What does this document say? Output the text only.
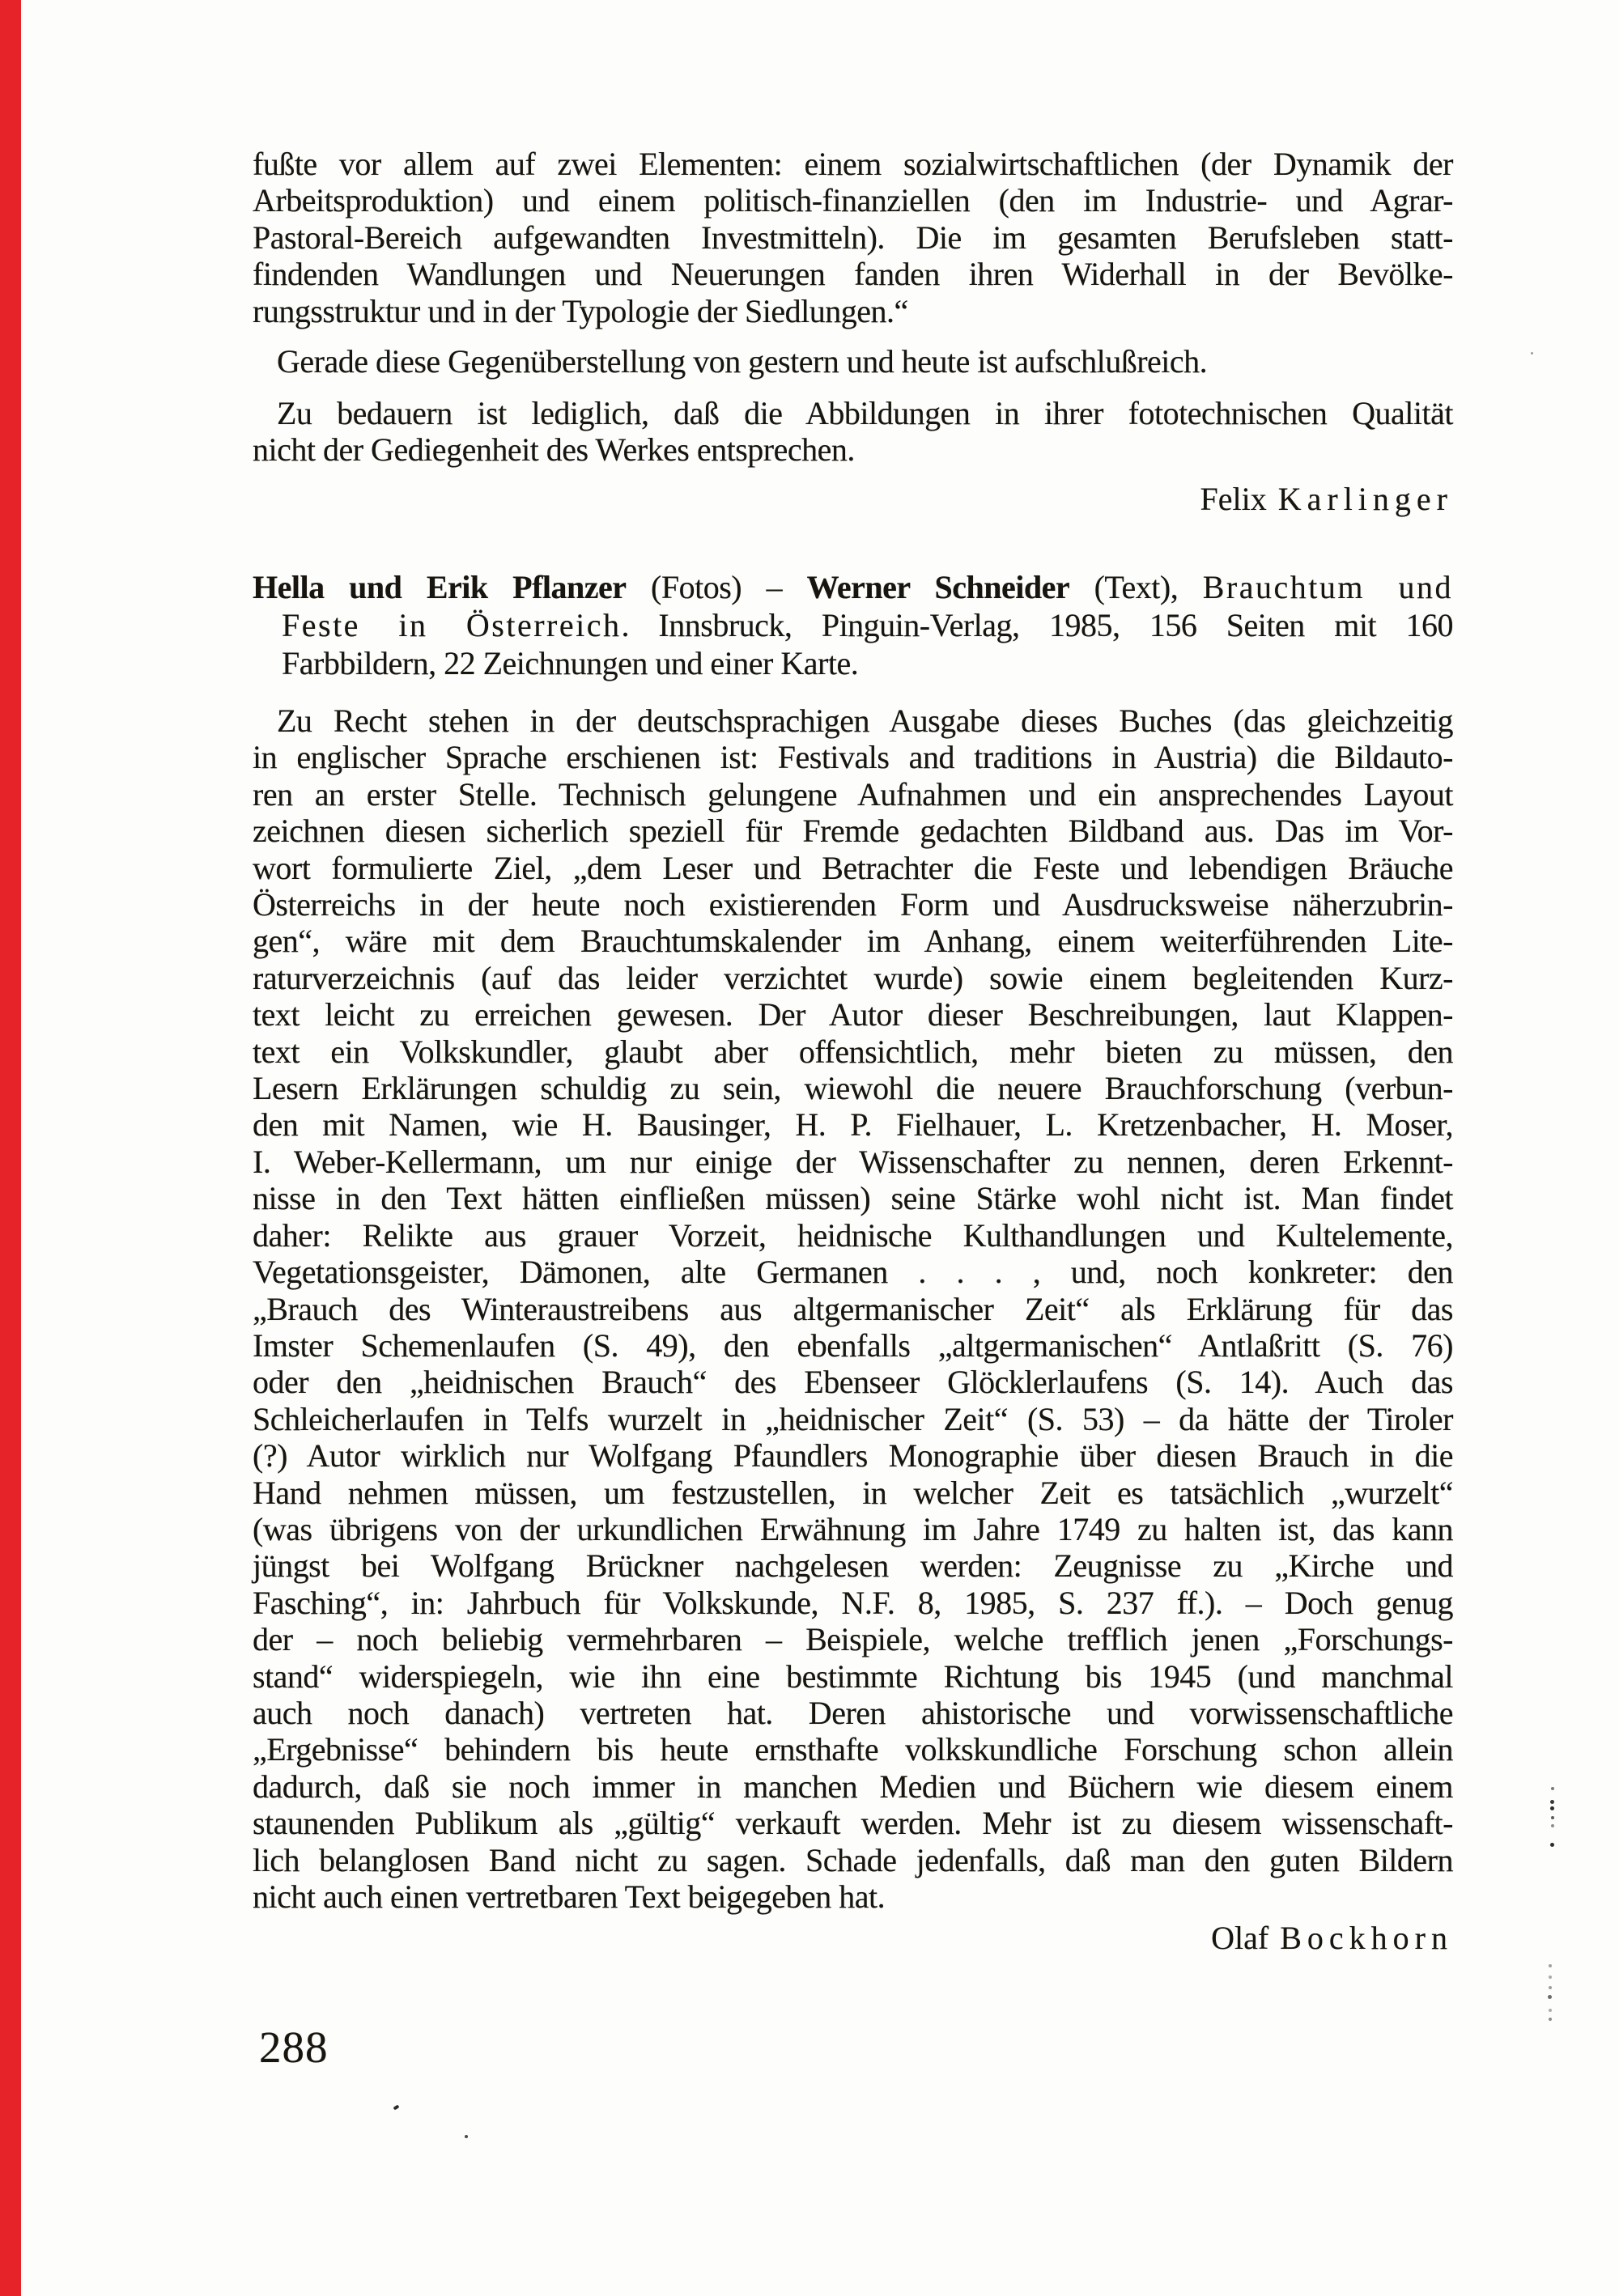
fußte vor allem auf zwei Elementen: einem sozialwirtschaftlichen (der Dynamik der
Arbeitsproduktion) und einem politisch-finanziellen (den im Industrie- und Agrar-
Pastoral-Bereich aufgewandten Investmitteln). Die im gesamten Berufsleben statt-
findenden Wandlungen und Neuerungen fanden ihren Widerhall in der Bevölke-
rungsstruktur und in der Typologie der Siedlungen.“
Gerade diese Gegenüberstellung von gestern und heute ist aufschlußreich.
Zu bedauern ist lediglich, daß die Abbildungen in ihrer fototechnischen Qualität
nicht der Gediegenheit des Werkes entsprechen.
Felix Karlinger
Hella und Erik Pflanzer (Fotos) – Werner Schneider (Text), Brauchtum und
Feste in Österreich. Innsbruck, Pinguin-Verlag, 1985, 156 Seiten mit 160
Farbbildern, 22 Zeichnungen und einer Karte.
Zu Recht stehen in der deutschsprachigen Ausgabe dieses Buches (das gleichzeitig
in englischer Sprache erschienen ist: Festivals and traditions in Austria) die Bildauto-
ren an erster Stelle. Technisch gelungene Aufnahmen und ein ansprechendes Layout
zeichnen diesen sicherlich speziell für Fremde gedachten Bildband aus. Das im Vor-
wort formulierte Ziel, „dem Leser und Betrachter die Feste und lebendigen Bräuche
Österreichs in der heute noch existierenden Form und Ausdrucksweise näherzubrin-
gen“, wäre mit dem Brauchtumskalender im Anhang, einem weiterführenden Lite-
raturverzeichnis (auf das leider verzichtet wurde) sowie einem begleitenden Kurz-
text leicht zu erreichen gewesen. Der Autor dieser Beschreibungen, laut Klappen-
text ein Volkskundler, glaubt aber offensichtlich, mehr bieten zu müssen, den
Lesern Erklärungen schuldig zu sein, wiewohl die neuere Brauchforschung (verbun-
den mit Namen, wie H. Bausinger, H. P. Fielhauer, L. Kretzenbacher, H. Moser,
I. Weber-Kellermann, um nur einige der Wissenschafter zu nennen, deren Erkennt-
nisse in den Text hätten einfließen müssen) seine Stärke wohl nicht ist. Man findet
daher: Relikte aus grauer Vorzeit, heidnische Kulthandlungen und Kultelemente,
Vegetationsgeister, Dämonen, alte Germanen . . . , und, noch konkreter: den
„Brauch des Winteraustreibens aus altgermanischer Zeit“ als Erklärung für das
Imster Schemenlaufen (S. 49), den ebenfalls „altgermanischen“ Antlaßritt (S. 76)
oder den „heidnischen Brauch“ des Ebenseer Glöcklerlaufens (S. 14). Auch das
Schleicherlaufen in Telfs wurzelt in „heidnischer Zeit“ (S. 53) – da hätte der Tiroler
(?) Autor wirklich nur Wolfgang Pfaundlers Monographie über diesen Brauch in die
Hand nehmen müssen, um festzustellen, in welcher Zeit es tatsächlich „wurzelt“
(was übrigens von der urkundlichen Erwähnung im Jahre 1749 zu halten ist, das kann
jüngst bei Wolfgang Brückner nachgelesen werden: Zeugnisse zu „Kirche und
Fasching“, in: Jahrbuch für Volkskunde, N.F. 8, 1985, S. 237 ff.). – Doch genug
der – noch beliebig vermehrbaren – Beispiele, welche trefflich jenen „Forschungs-
stand“ widerspiegeln, wie ihn eine bestimmte Richtung bis 1945 (und manchmal
auch noch danach) vertreten hat. Deren ahistorische und vorwissenschaftliche
„Ergebnisse“ behindern bis heute ernsthafte volkskundliche Forschung schon allein
dadurch, daß sie noch immer in manchen Medien und Büchern wie diesem einem
staunenden Publikum als „gültig“ verkauft werden. Mehr ist zu diesem wissenschaft-
lich belanglosen Band nicht zu sagen. Schade jedenfalls, daß man den guten Bildern
nicht auch einen vertretbaren Text beigegeben hat.
Olaf Bockhorn
288
